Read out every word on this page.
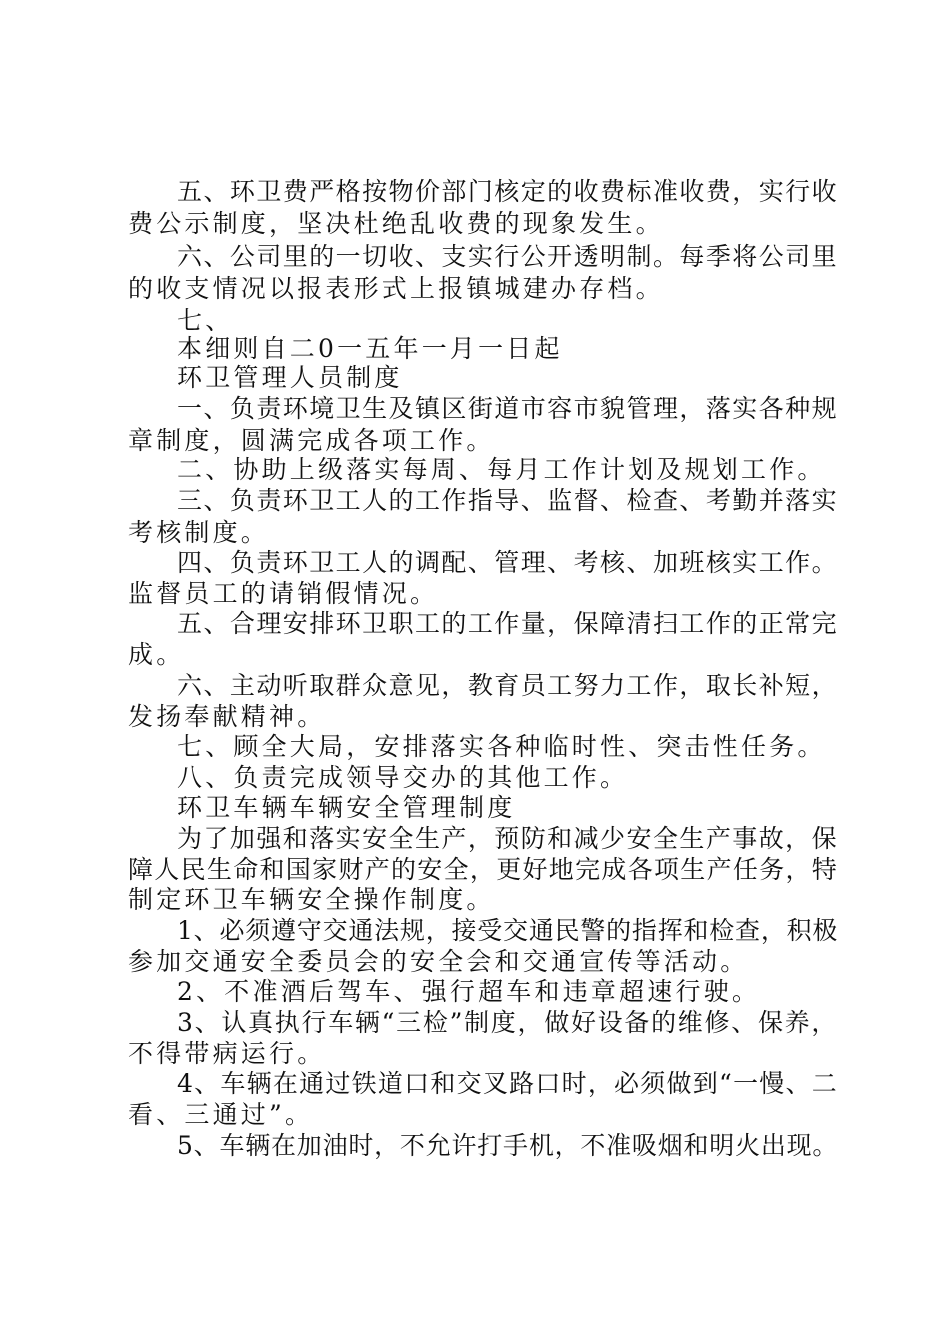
五、环卫费严格按物价部门核定的收费标准收费，实行收
费公示制度，坚决杜绝乱收费的现象发生。
六、公司里的一切收、支实行公开透明制。每季将公司里
的收支情况以报表形式上报镇城建办存档。
七、
本细则自二0一五年一月一日起
环卫管理人员制度
一、负责环境卫生及镇区街道市容市貌管理，落实各种规
章制度，圆满完成各项工作。
二、协助上级落实每周、每月工作计划及规划工作。
三、负责环卫工人的工作指导、监督、检查、考勤并落实
考核制度。
四、负责环卫工人的调配、管理、考核、加班核实工作。
监督员工的请销假情况。
五、合理安排环卫职工的工作量，保障清扫工作的正常完
成。
六、主动听取群众意见，教育员工努力工作，取长补短，
发扬奉献精神。
七、顾全大局，安排落实各种临时性、突击性任务。
八、负责完成领导交办的其他工作。
环卫车辆车辆安全管理制度
为了加强和落实安全生产，预防和减少安全生产事故，保
障人民生命和国家财产的安全，更好地完成各项生产任务，特
制定环卫车辆安全操作制度。
1、必须遵守交通法规，接受交通民警的指挥和检查，积极
参加交通安全委员会的安全会和交通宣传等活动。
2、不准酒后驾车、强行超车和违章超速行驶。
3、认真执行车辆“三检”制度，做好设备的维修、保养，
不得带病运行。
4、车辆在通过铁道口和交叉路口时，必须做到“一慢、二
看、三通过”。
5、车辆在加油时，不允许打手机，不准吸烟和明火出现。
